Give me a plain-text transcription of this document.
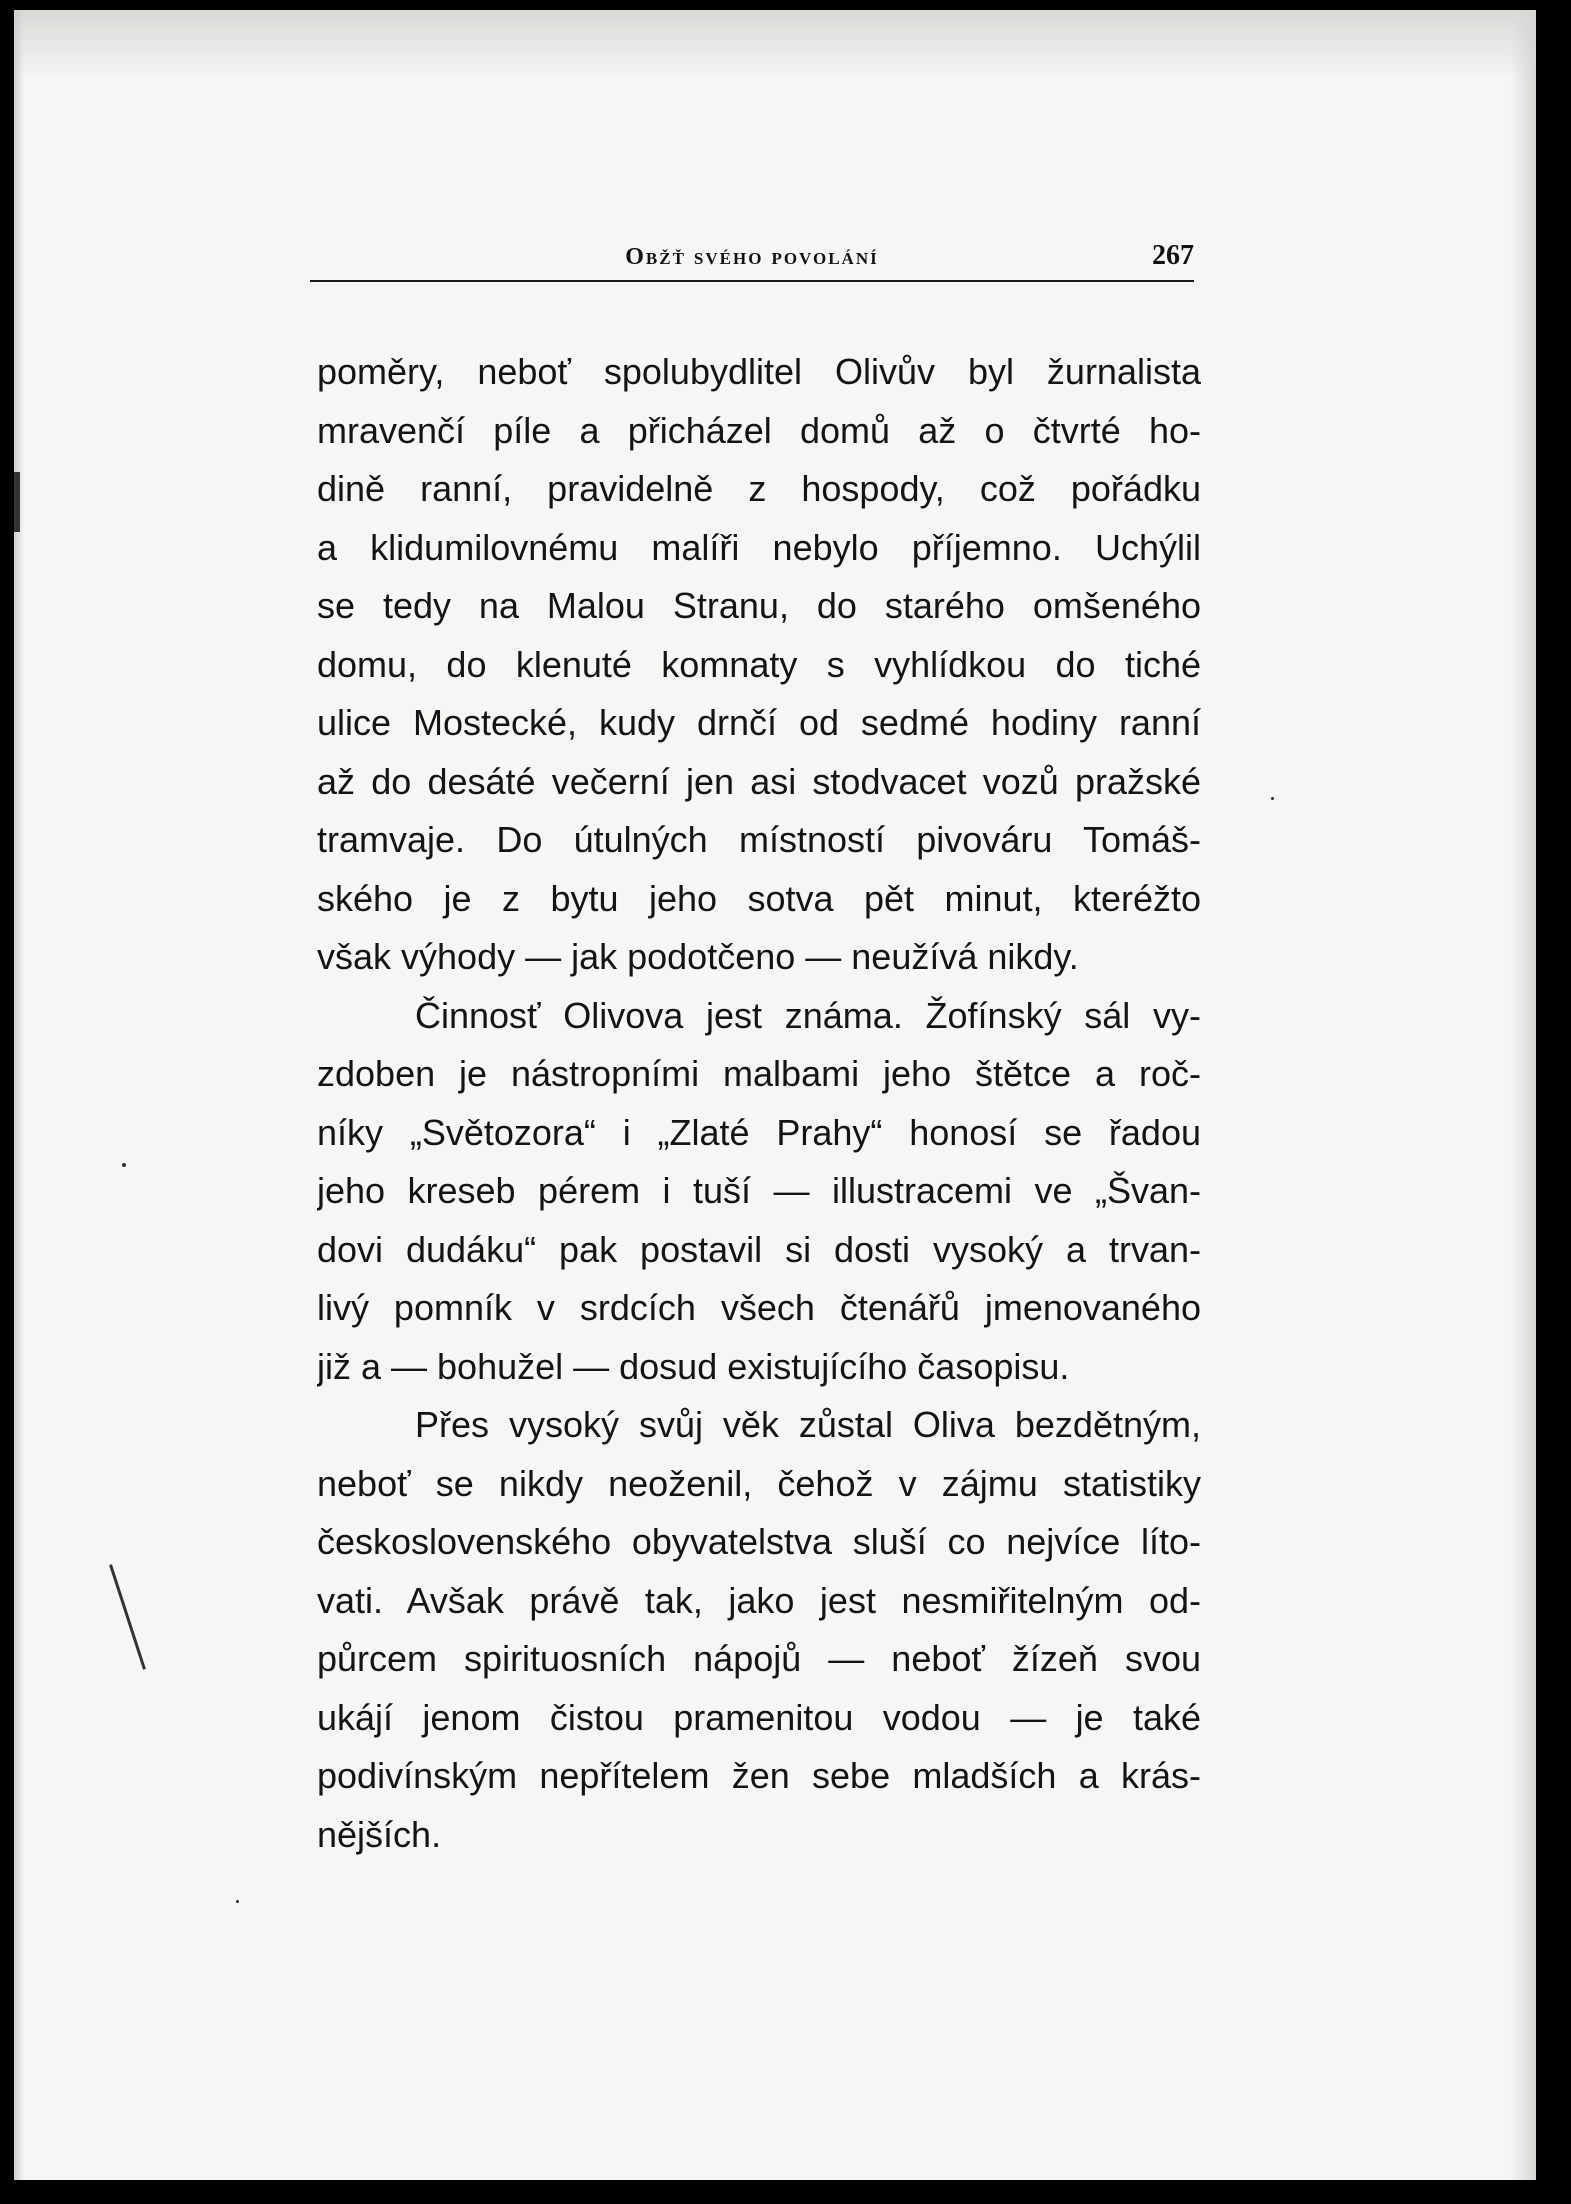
Obžť svého povolání	267
poměry, neboť spolubydlitel Olivův byl žurnalista
mravenčí píle a přicházel domů až o čtvrté ho-
dině ranní, pravidelně z hospody, což pořádku
a klidumilovnému malíři nebylo příjemno. Uchýlil
se tedy na Malou Stranu, do starého omšeného
domu, do klenuté komnaty s vyhlídkou do tiché
ulice Mostecké, kudy drnčí od sedmé hodiny ranní
až do desáté večerní jen asi stodvacet vozů pražské
tramvaje. Do útulných místností pivováru Tomáš-
ského je z bytu jeho sotva pět minut, kteréžto
však výhody — jak podotčeno — neužívá nikdy.
Činnosť Olivova jest známa. Žofínský sál vy-
zdoben je nástropními malbami jeho štětce a roč-
níky „Světozora“ i „Zlaté Prahy“ honosí se řadou
jeho kreseb pérem i tuší — illustracemi ve „Švan-
dovi dudáku“ pak postavil si dosti vysoký a trvan-
livý pomník v srdcích všech čtenářů jmenovaného
již a — bohužel — dosud existujícího časopisu.
Přes vysoký svůj věk zůstal Oliva bezdětným,
neboť se nikdy neoženil, čehož v zájmu statistiky
československého obyvatelstva sluší co nejvíce líto-
vati. Avšak právě tak, jako jest nesmiřitelným od-
půrcem spirituosních nápojů — neboť žízeň svou
ukájí jenom čistou pramenitou vodou — je také
podivínským nepřítelem žen sebe mladších a krás-
nějších.
